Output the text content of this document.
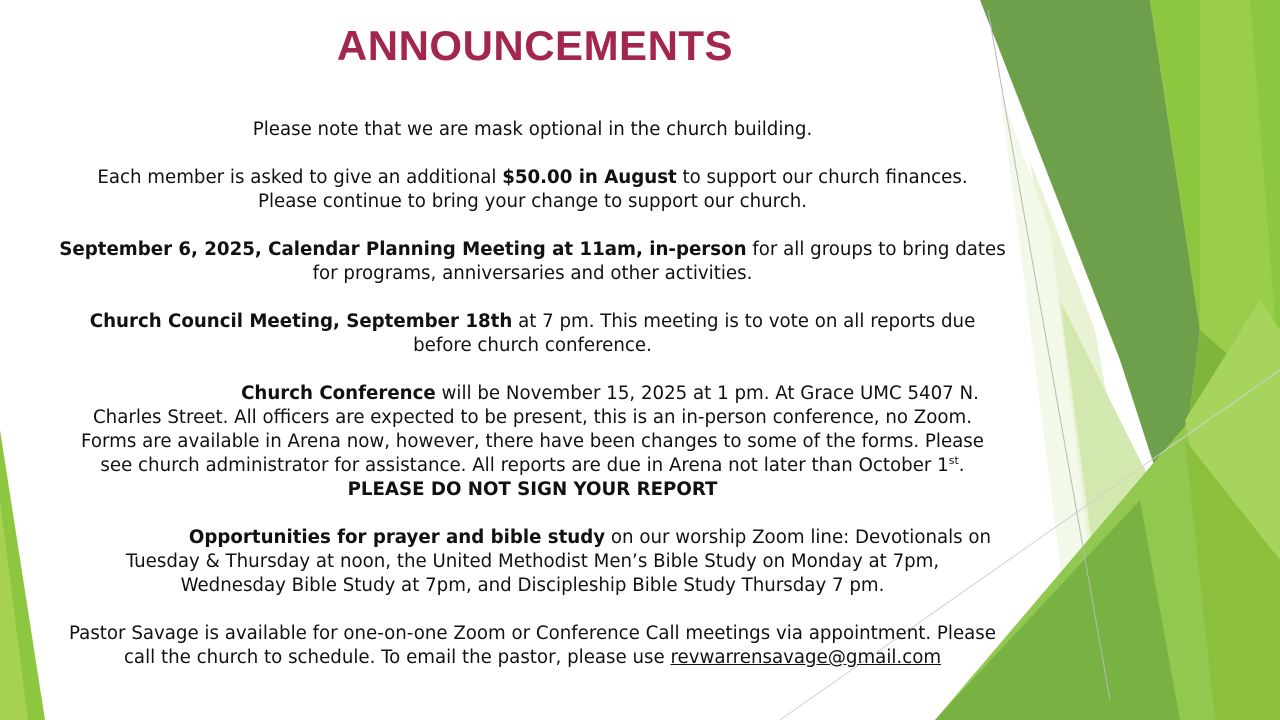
ANNOUNCEMENTS

Please note that we are mask optional in the church building.

Each member is asked to give an additional $50.00 in August to support our church finances.
Please continue to bring your change to support our church.

September 6, 2025, Calendar Planning Meeting at 11am, in-person for all groups to bring dates
for programs, anniversaries and other activities.

Church Council Meeting, September 18th at 7 pm. This meeting is to vote on all reports due
before church conference.

Church Conference will be November 15, 2025 at 1 pm. At Grace UMC 5407 N.
Charles Street. All officers are expected to be present, this is an in-person conference, no Zoom.
Forms are available in Arena now, however, there have been changes to some of the forms. Please
see church administrator for assistance. All reports are due in Arena not later than October 1st.
PLEASE DO NOT SIGN YOUR REPORT

Opportunities for prayer and bible study on our worship Zoom line: Devotionals on
Tuesday & Thursday at noon, the United Methodist Men’s Bible Study on Monday at 7pm,
Wednesday Bible Study at 7pm, and Discipleship Bible Study Thursday 7 pm.

Pastor Savage is available for one-on-one Zoom or Conference Call meetings via appointment. Please
call the church to schedule. To email the pastor, please use revwarrensavage@gmail.com
